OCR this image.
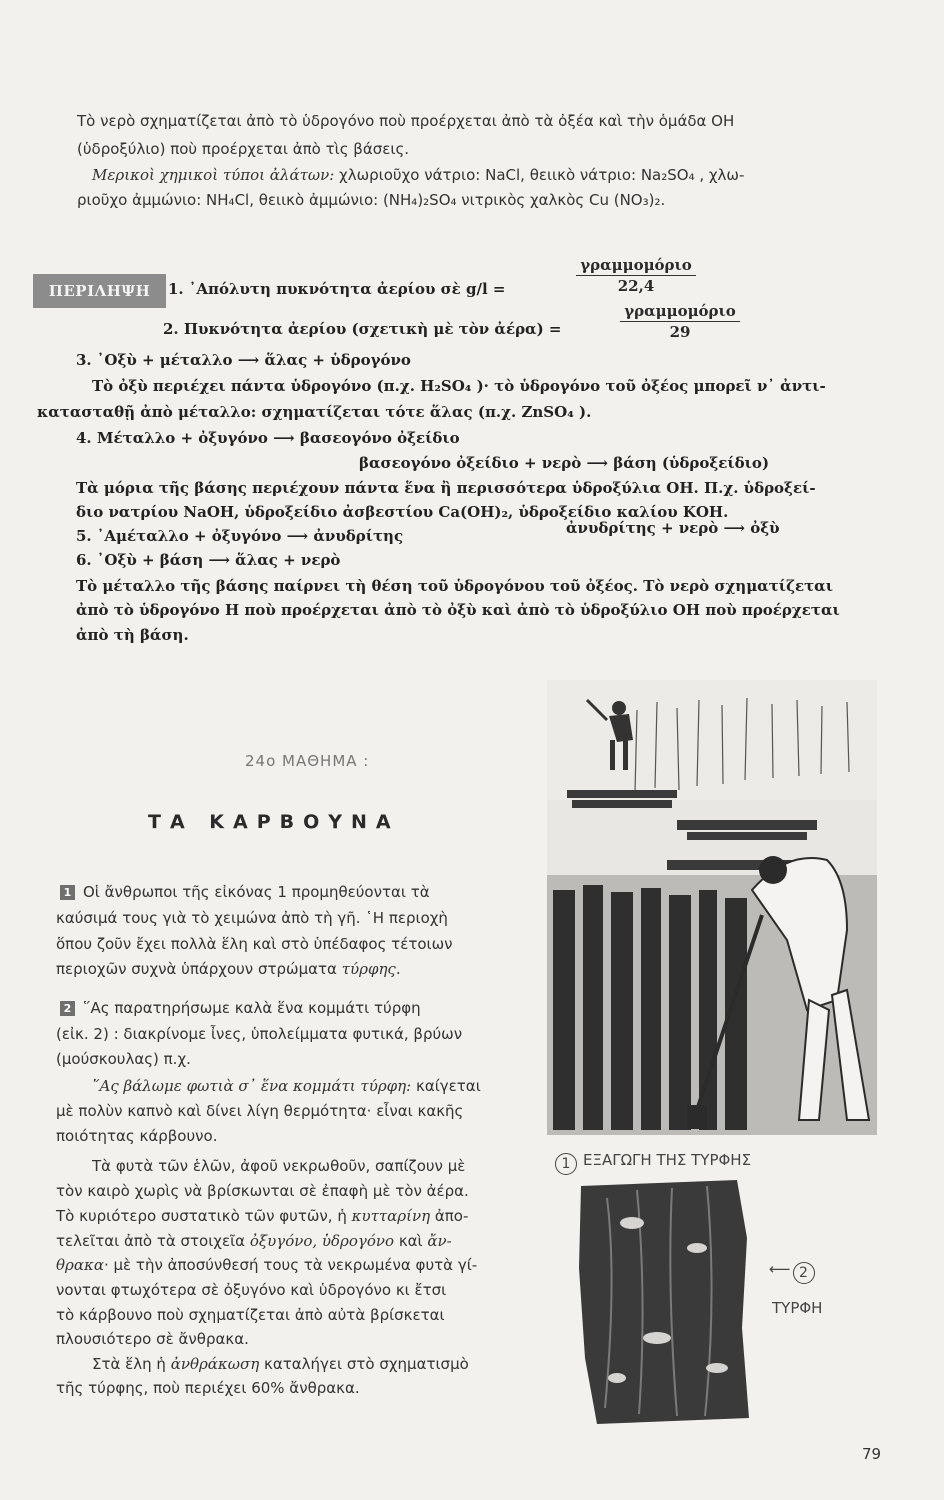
Τὸ νερὸ σχηματίζεται ἀπὸ τὸ ὑδρογόνο ποὺ προέρχεται ἀπὸ τὰ ὀξέα καὶ τὴν ὁμάδα ΟΗ
(ὑδροξύλιο) ποὺ προέρχεται ἀπὸ τὶς βάσεις.
Μερικοὶ χημικοὶ τύποι ἀλάτων: χλωριοῦχο νάτριο: NaCl, θειικὸ νάτριο: Na₂SO₄ , χλω-
ριοῦχο ἀμμώνιο: NH₄Cl, θειικὸ ἀμμώνιο: (NH₄)₂SO₄ νιτρικὸς χαλκὸς Cu (NO₃)₂.
ΠΕΡΙΛΗΨΗ	1. ᾿Απόλυτη πυκνότητα ἀερίου σὲ g/l =
γραμμομόριο
22,4
2. Πυκνότητα ἀερίου (σχετικὴ μὲ τὸν ἀέρα) =
γραμμομόριο
29
3. ᾿Οξὺ + μέταλλο ⟶ ἅλας + ὑδρογόνο
Τὸ ὀξὺ περιέχει πάντα ὑδρογόνο (π.χ. H₂SO₄ )· τὸ ὑδρογόνο τοῦ ὀξέος μπορεῖ ν᾿ ἀντι-
κατασταθῇ ἀπὸ μέταλλο: σχηματίζεται τότε ἅλας (π.χ. ZnSO₄ ).
4. Μέταλλο + ὀξυγόνο ⟶ βασεογόνο ὀξείδιο
βασεογόνο ὀξείδιο + νερὸ ⟶ βάση (ὑδροξείδιο)
Τὰ μόρια τῆς βάσης περιέχουν πάντα ἕνα ἢ περισσότερα ὑδροξύλια ΟΗ. Π.χ. ὑδροξεί-
διο νατρίου NaOH, ὑδροξείδιο ἀσβεστίου Ca(OH)₂, ὑδροξείδιο καλίου ΚΟΗ.
5. ᾿Αμέταλλο + ὀξυγόνο ⟶ ἀνυδρίτης	ἀνυδρίτης + νερὸ ⟶ ὀξὺ
6. ᾿Οξὺ + βάση ⟶ ἅλας + νερὸ
Τὸ μέταλλο τῆς βάσης παίρνει τὴ θέση τοῦ ὑδρογόνου τοῦ ὀξέος. Τὸ νερὸ σχηματίζεται
ἀπὸ τὸ ὑδρογόνο Η ποὺ προέρχεται ἀπὸ τὸ ὀξὺ καὶ ἀπὸ τὸ ὑδροξύλιο ΟΗ ποὺ προέρχεται
ἀπὸ τὴ βάση.
24ο ΜΑΘΗΜΑ :
ΤΑ ΚΑΡΒΟΥΝΑ
1 Οἱ ἄνθρωποι τῆς εἰκόνας 1 προμηθεύονται τὰ
καύσιμά τους γιὰ τὸ χειμώνα ἀπὸ τὴ γῆ. ῾Η περιοχὴ
ὅπου ζοῦν ἔχει πολλὰ ἕλη καὶ στὸ ὑπέδαφος τέτοιων
περιοχῶν συχνὰ ὑπάρχουν στρώματα τύρφης.
2 ῞Ας παρατηρήσωμε καλὰ ἕνα κομμάτι τύρφη
(εἰκ. 2) : διακρίνομε ἶνες, ὑπολείμματα φυτικά, βρύων
(μούσκουλας) π.χ.
῞Ας βάλωμε φωτιὰ σ᾿ ἕνα κομμάτι τύρφη: καίγεται
μὲ πολὺν καπνὸ καὶ δίνει λίγη θερμότητα· εἶναι κακῆς
ποιότητας κάρβουνο.
Τὰ φυτὰ τῶν ἑλῶν, ἀφοῦ νεκρωθοῦν, σαπίζουν μὲ
τὸν καιρὸ χωρὶς νὰ βρίσκωνται σὲ ἐπαφὴ μὲ τὸν ἀέρα.
Τὸ κυριότερο συστατικὸ τῶν φυτῶν, ἡ κυτταρίνη ἀπο-
τελεῖται ἀπὸ τὰ στοιχεῖα ὀξυγόνο, ὑδρογόνο καὶ ἄν-
θρακα· μὲ τὴν ἀποσύνθεσή τους τὰ νεκρωμένα φυτὰ γί-
νονται φτωχότερα σὲ ὀξυγόνο καὶ ὑδρογόνο κι ἔτσι
τὸ κάρβουνο ποὺ σχηματίζεται ἀπὸ αὐτὰ βρίσκεται
πλουσιότερο σὲ ἄνθρακα.
Στὰ ἕλη ἡ ἀνθράκωση καταλήγει στὸ σχηματισμὸ
τῆς τύρφης, ποὺ περιέχει 60% ἄνθρακα.
1 ΕΞΑΓΩΓΗ ΤΗΣ ΤΥΡΦΗΣ
⟵ 2
ΤΥΡΦΗ
79
